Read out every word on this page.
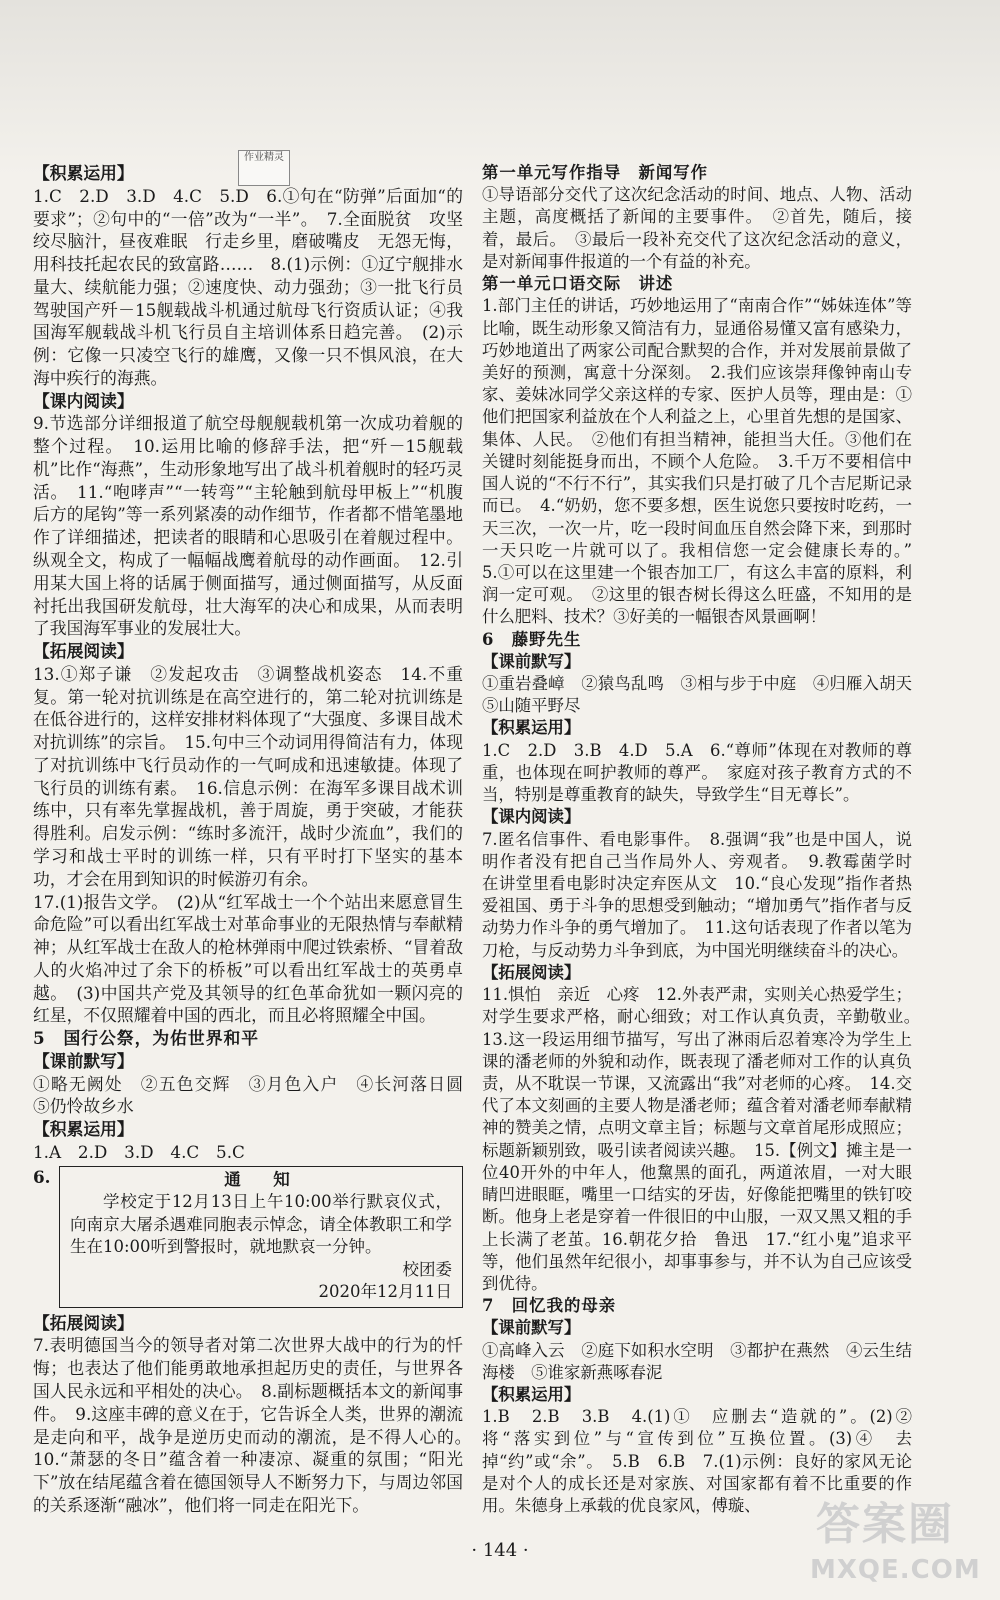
作业精灵

【积累运用】

1.C　2.D　3.D　4.C　5.D　6.①句在“防弹”后面加“的要求”；②句中的“一倍”改为“一半”。　7.全面脱贫　攻坚　绞尽脑汁，昼夜难眠　行走乡里，磨破嘴皮　无怨无悔，用科技托起农民的致富路……　8.(1)示例：①辽宁舰排水量大、续航能力强；②速度快、动力强劲；③一批飞行员驾驶国产歼－15舰载战斗机通过航母飞行资质认证；④我国海军舰载战斗机飞行员自主培训体系日趋完善。　(2)示例：它像一只凌空飞行的雄鹰，又像一只不惧风浪，在大海中疾行的海燕。

【课内阅读】

9.节选部分详细报道了航空母舰舰载机第一次成功着舰的整个过程。　10.运用比喻的修辞手法，把“歼－15舰载机”比作“海燕”，生动形象地写出了战斗机着舰时的轻巧灵活。　11.“咆哮声”“一转弯”“主轮触到航母甲板上”“机腹后方的尾钩”等一系列紧凑的动作细节，作者都不惜笔墨地作了详细描述，把读者的眼睛和心思吸引在着舰过程中。纵观全文，构成了一幅幅战鹰着航母的动作画面。　12.引用某大国上将的话属于侧面描写，通过侧面描写，从反面衬托出我国研发航母，壮大海军的决心和成果，从而表明了我国海军事业的发展壮大。

【拓展阅读】

13.①郑子谦　②发起攻击　③调整战机姿态　14.不重复。第一轮对抗训练是在高空进行的，第二轮对抗训练是在低谷进行的，这样安排材料体现了“大强度、多课目战术对抗训练”的宗旨。　15.句中三个动词用得简洁有力，体现了对抗训练中飞行员动作的一气呵成和迅速敏捷。体现了飞行员的训练有素。　16.信息示例：在海军多课目战术训练中，只有率先掌握战机，善于周旋，勇于突破，才能获得胜利。启发示例：“练时多流汗，战时少流血”，我们的学习和战士平时的训练一样，只有平时打下坚实的基本功，才会在用到知识的时候游刃有余。

17.(1)报告文学。　(2)从“红军战士一个个站出来愿意冒生命危险”可以看出红军战士对革命事业的无限热情与奉献精神；从红军战士在敌人的枪林弹雨中爬过铁索桥、“冒着敌人的火焰冲过了余下的桥板”可以看出红军战士的英勇卓越。　(3)中国共产党及其领导的红色革命犹如一颗闪亮的红星，不仅照耀着中国的西北，而且必将照耀全中国。

5　国行公祭，为佑世界和平

【课前默写】

①略无阙处　②五色交辉　③月色入户　④长河落日圆　⑤仍怜故乡水

【积累运用】

1.A　2.D　3.D　4.C　5.C

6.	通　知
学校定于12月13日上午10:00举行默哀仪式，向南京大屠杀遇难同胞表示悼念，请全体教职工和学生在10:00听到警报时，就地默哀一分钟。
校团委
2020年12月11日

【拓展阅读】

7.表明德国当今的领导者对第二次世界大战中的行为的忏悔；也表达了他们能勇敢地承担起历史的责任，与世界各国人民永远和平相处的决心。　8.副标题概括本文的新闻事件。　9.这座丰碑的意义在于，它告诉全人类，世界的潮流是走向和平，战争是逆历史而动的潮流，是不得人心的。　10.“萧瑟的冬日”蕴含着一种凄凉、凝重的氛围；“阳光下”放在结尾蕴含着在德国领导人不断努力下，与周边邻国的关系逐渐“融冰”，他们将一同走在阳光下。

第一单元写作指导　新闻写作

①导语部分交代了这次纪念活动的时间、地点、人物、活动主题，高度概括了新闻的主要事件。　②首先，随后，接着，最后。　③最后一段补充交代了这次纪念活动的意义，是对新闻事件报道的一个有益的补充。

第一单元口语交际　讲述

1.部门主任的讲话，巧妙地运用了“南南合作”“姊妹连体”等比喻，既生动形象又简洁有力，显通俗易懂又富有感染力，巧妙地道出了两家公司配合默契的合作，并对发展前景做了美好的预测，寓意十分深刻。　2.我们应该崇拜像钟南山专家、姜妹冰同学父亲这样的专家、医护人员等，理由是：①他们把国家利益放在个人利益之上，心里首先想的是国家、集体、人民。　②他们有担当精神，能担当大任。③他们在关键时刻能挺身而出，不顾个人危险。　3.千万不要相信中国人说的“不行不行”，其实我们只是打破了几个吉尼斯记录而已。　4.“奶奶，您不要多想，医生说您只要按时吃药，一天三次，一次一片，吃一段时间血压自然会降下来，到那时一天只吃一片就可以了。我相信您一定会健康长寿的。”　5.①可以在这里建一个银杏加工厂，有这么丰富的原料，利润一定可观。　②这里的银杏树长得这么旺盛，不知用的是什么肥料、技术？③好美的一幅银杏风景画啊！

6　藤野先生

【课前默写】

①重岩叠嶂　②猿鸟乱鸣　③相与步于中庭　④归雁入胡天　⑤山随平野尽

【积累运用】

1.C　2.D　3.B　4.D　5.A　6.“尊师”体现在对教师的尊重，也体现在呵护教师的尊严。　家庭对孩子教育方式的不当，特别是尊重教育的缺失，导致学生“目无尊长”。

【课内阅读】

7.匿名信事件、看电影事件。　8.强调“我”也是中国人，说明作者没有把自己当作局外人、旁观者。　9.教霉菌学时　在讲堂里看电影时决定弃医从文　10.“良心发现”指作者热爱祖国、勇于斗争的思想受到触动；“增加勇气”指作者与反动势力作斗争的勇气增加了。　11.这句话表现了作者以笔为刀枪，与反动势力斗争到底，为中国光明继续奋斗的决心。

【拓展阅读】

11.惧怕　亲近　心疼　12.外表严肃，实则关心热爱学生；对学生要求严格，耐心细致；对工作认真负责，辛勤敬业。　13.这一段运用细节描写，写出了淋雨后忍着寒冷为学生上课的潘老师的外貌和动作，既表现了潘老师对工作的认真负责，从不耽误一节课，又流露出“我”对老师的心疼。　14.交代了本文刻画的主要人物是潘老师；蕴含着对潘老师奉献精神的赞美之情，点明文章主旨；标题与文章首尾形成照应；标题新颖别致，吸引读者阅读兴趣。　15.【例文】摊主是一位40开外的中年人，他黧黑的面孔，两道浓眉，一对大眼睛凹进眼眶，嘴里一口结实的牙齿，好像能把嘴里的铁钉咬断。他身上老是穿着一件很旧的中山服，一双又黑又粗的手上长满了老茧。16.朝花夕拾　鲁迅　17.“红小鬼”追求平等，他们虽然年纪很小，却事事参与，并不认为自己应该受到优待。

7　回忆我的母亲

【课前默写】

①高峰入云　②庭下如积水空明　③都护在燕然　④云生结海楼　⑤谁家新燕啄春泥

【积累运用】

1.B　2.B　3.B　4.(1)①　应删去“造就的”。(2)②　将“落实到位”与“宣传到位”互换位置。(3)④　去掉“约”或“余”。　5.B　6.B　7.(1)示例：良好的家风无论是对个人的成长还是对家族、对国家都有着不比重要的作用。朱德身上承载的优良家风，傅璇、

· 144 ·
答案圈
MXQE.COM
